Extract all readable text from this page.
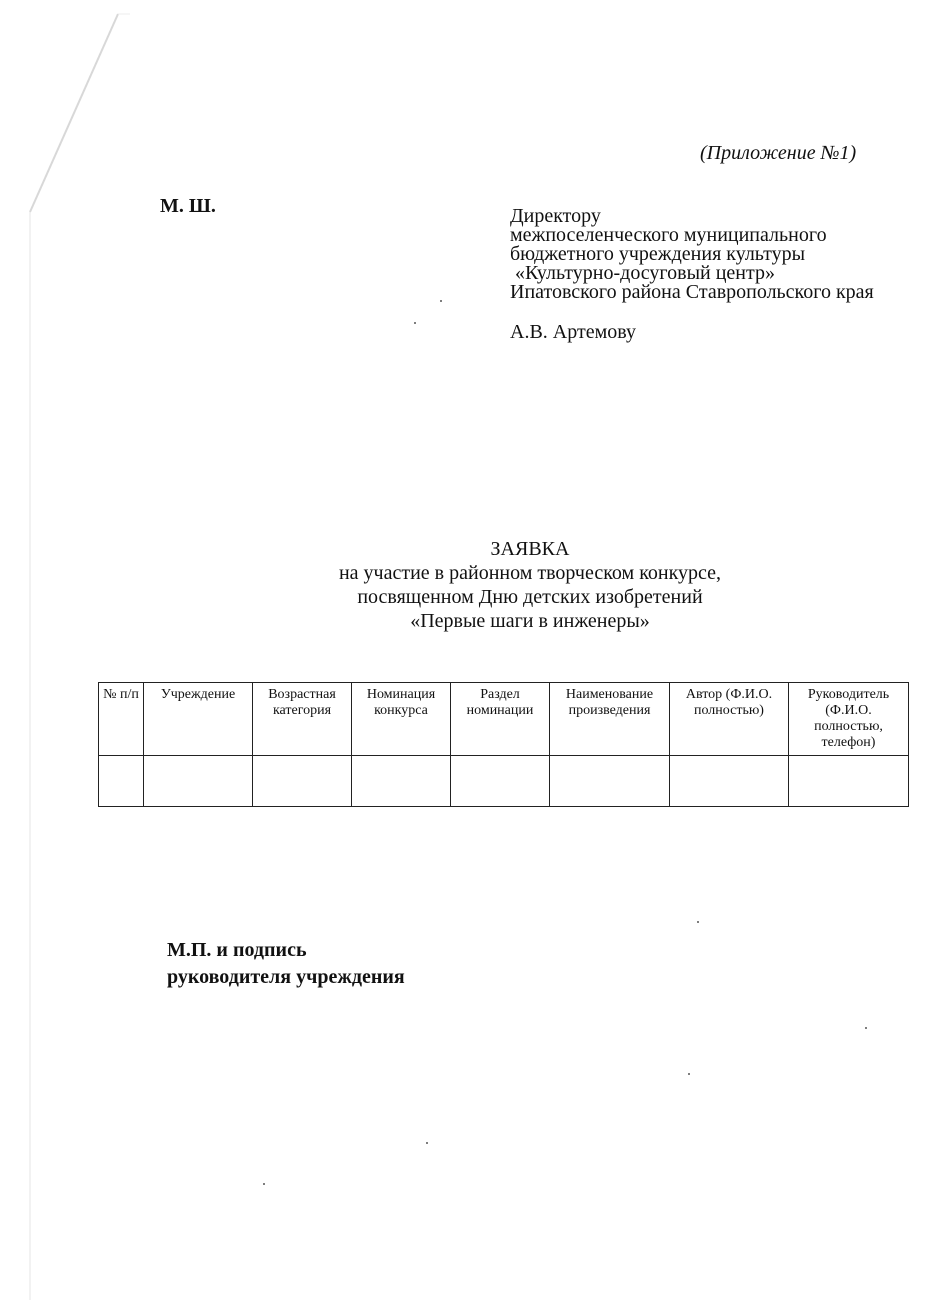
(Приложение №1)
М. Ш.	Директору
межпоселенческого муниципального
бюджетного учреждения культуры
«Культурно-досуговый центр»
Ипатовского района Ставропольского края
А.В. Артемову
ЗАЯВКА
на участие в районном творческом конкурсе,
посвященном Дню детских изобретений
«Первые шаги в инженеры»
№ п/п	Учреждение	Возрастная категория	Номинация конкурса	Раздел номинации	Наименование произведения	Автор (Ф.И.О. полностью)	Руководитель (Ф.И.О. полностью, телефон)

М.П. и подпись
руководителя учреждения
